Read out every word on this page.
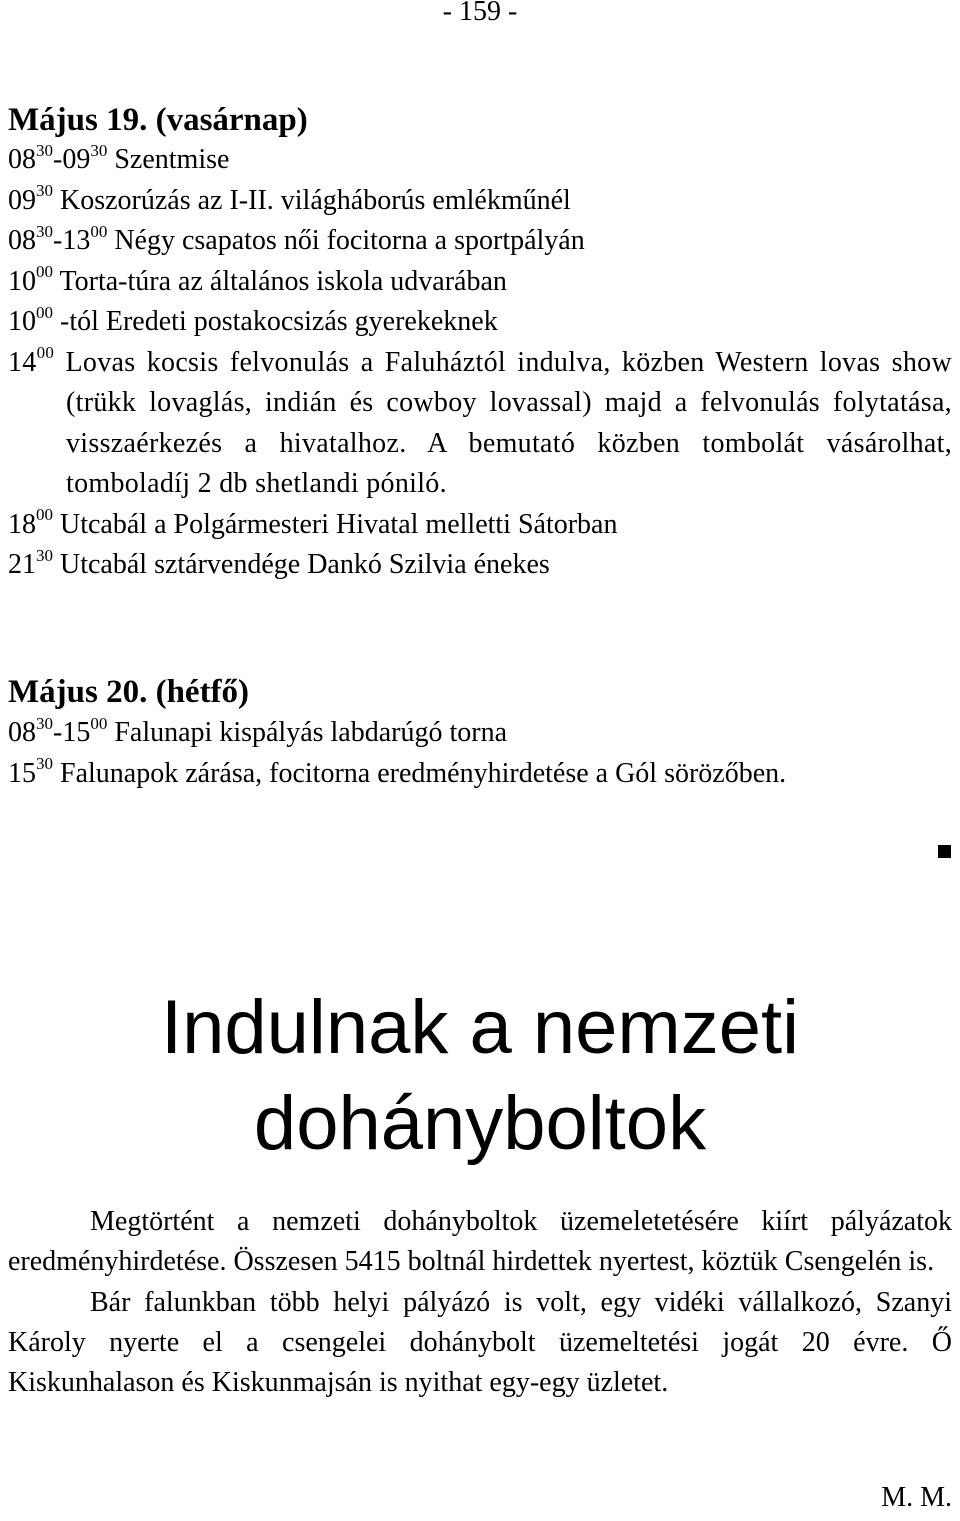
- 159 -
Május 19. (vasárnap)

$08^{30}-09^{30}$ Szentmise

$09^{30}$ Koszorúzás az I-II. világháborús emlékműnél

$08^{30}-13^{00}$ Négy csapatos női focitorna a sportpályán

$10^{00}$ Torta-túra az általános iskola udvarában

$10^{00}$ -tól Eredeti postakocsizás gyerekeknek

$14^{00}$ Lovas kocsis felvonulás a Faluháztól indulva, közben Western lovas show (trükk lovaglás, indián és cowboy lovassal) majd a felvonulás folytatása, visszaérkezés a hivatalhoz. A bemutató közben tombolát vásárolhat, tomboladíj 2 db shetlandi póniló.

$18^{00}$ Utcabál a Polgármesteri Hivatal melletti Sátorban

$21^{30}$ Utcabál sztárvendége Dankó Szilvia énekes

Május 20. (hétfő)

$08^{30}-15^{00}$ Falunapi kispályás labdarúgó torna

$15^{30}$ Falunapok zárása, focitorna eredményhirdetése a Gól sörözőben.

Megtörtént a nemzeti dohányboltok üzemeletetésére kiírt pályázatok eredményhirdetése. Összesen 5415 boltnál hirdettek nyertest, köztük Csengelén is.

Bár falunkban több helyi pályázó is volt, egy vidéki vállalkozó, Szanyi Károly nyerte el a csengelei dohánybolt üzemeltetési jogát 20 évre. Ő Kiskunhalason és Kiskunmajsán is nyithat egy-egy üzletet.

M. M.

Indulnak a nemzeti
dohányboltok
